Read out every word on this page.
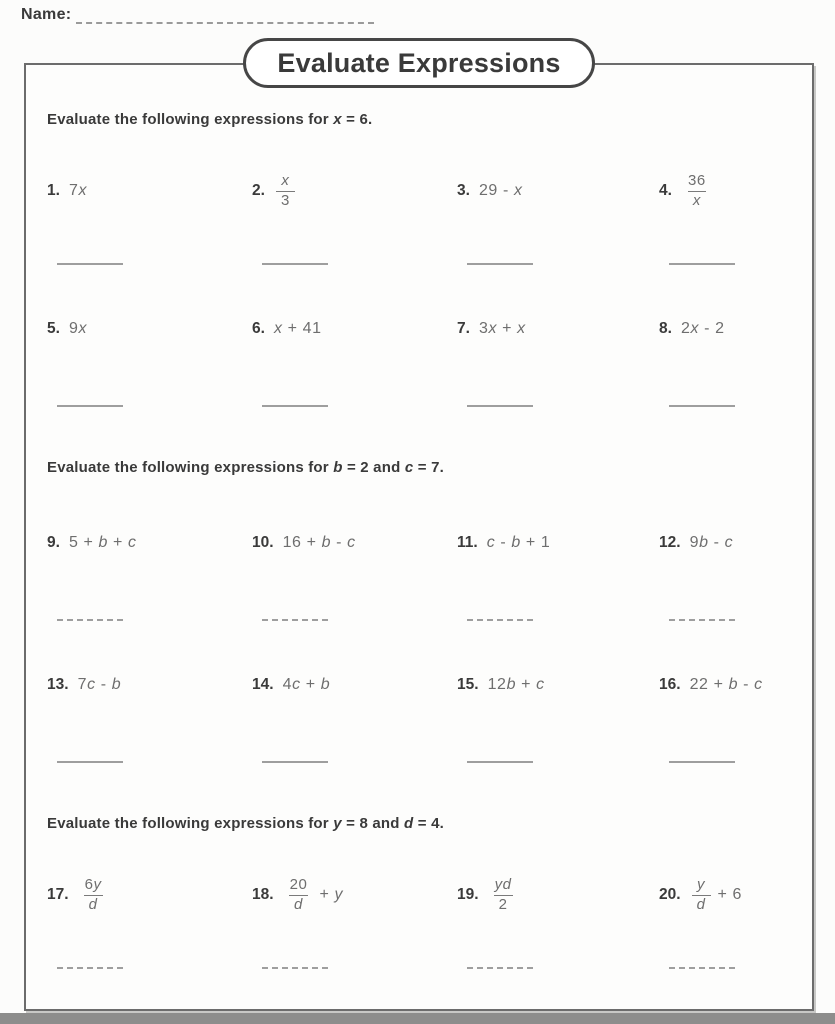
Name:
Evaluate Expressions
Evaluate the following expressions for x = 6.
1. 7 x	2. $\frac{x}{3}$	3. 29 - x	4. $\frac{36}{x}$
5. 9 x	6. x + 41	7. 3 x + x	8. 2 x - 2
Evaluate the following expressions for b = 2 and c = 7.
9. 5 + b + c	10. 16 + b - c	11. c - b + 1	12. 9 b - c
13. 7 c - b	14. 4 c + b	15. 12 b + c	16. 22 + b - c
Evaluate the following expressions for y = 8 and d = 4.
17. $\frac{6y}{d}$	18. $\frac{20}{d} + y$	19. $\frac{yd}{2}$	20. $\frac{y}{d} + 6$
